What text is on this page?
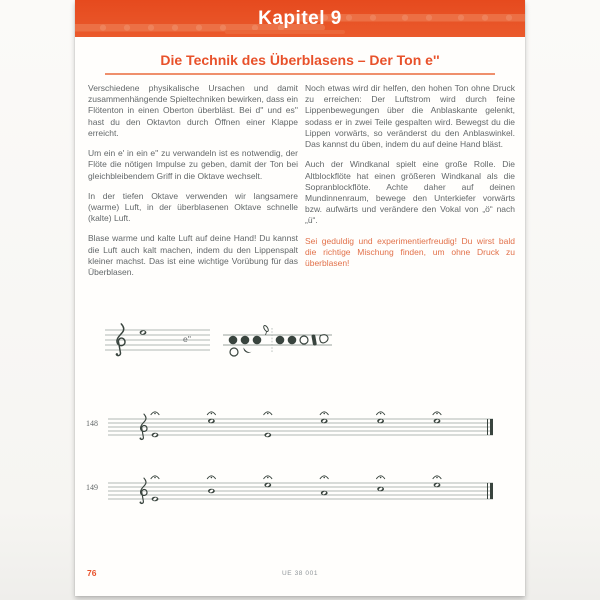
Kapitel 9
Die Technik des Überblasens – Der Ton e''

Verschiedene physikalische Ursachen und damit zusammenhängende Spieltechniken bewirken, dass ein Flötenton in einen Oberton überbläst. Bei d'' und es'' hast du den Oktavton durch Öffnen einer Klappe erreicht.

Um ein e' in ein e'' zu verwandeln ist es notwendig, der Flöte die nötigen Impulse zu geben, damit der Ton bei gleichbleibendem Griff in die Oktave wechselt.

In der tiefen Oktave verwenden wir langsamere (warme) Luft, in der überblasenen Oktave schnelle (kalte) Luft.

Blase warme und kalte Luft auf deine Hand! Du kannst die Luft auch kalt machen, indem du den Lippenspalt kleiner machst. Das ist eine wichtige Vorübung für das Überblasen.

Noch etwas wird dir helfen, den hohen Ton ohne Druck zu erreichen: Der Luftstrom wird durch feine Lippenbewegungen über die Anblaskante gelenkt, sodass er in zwei Teile gespalten wird. Bewegst du die Lippen vorwärts, so veränderst du den Anblaswinkel. Das kannst du üben, indem du auf deine Hand bläst.

Auch der Windkanal spielt eine große Rolle. Die Altblockflöte hat einen größeren Windkanal als die Sopranblockflöte. Achte daher auf deinen Mundinnenraum, bewege den Unterkiefer vorwärts bzw. aufwärts und verändere den Vokal von „ö“ nach „ü“.

Sei geduldig und experimentierfreudig! Du wirst bald die richtige Mischung finden, um ohne Druck zu überblasen!

e''
148
149
76	UE 38 001
